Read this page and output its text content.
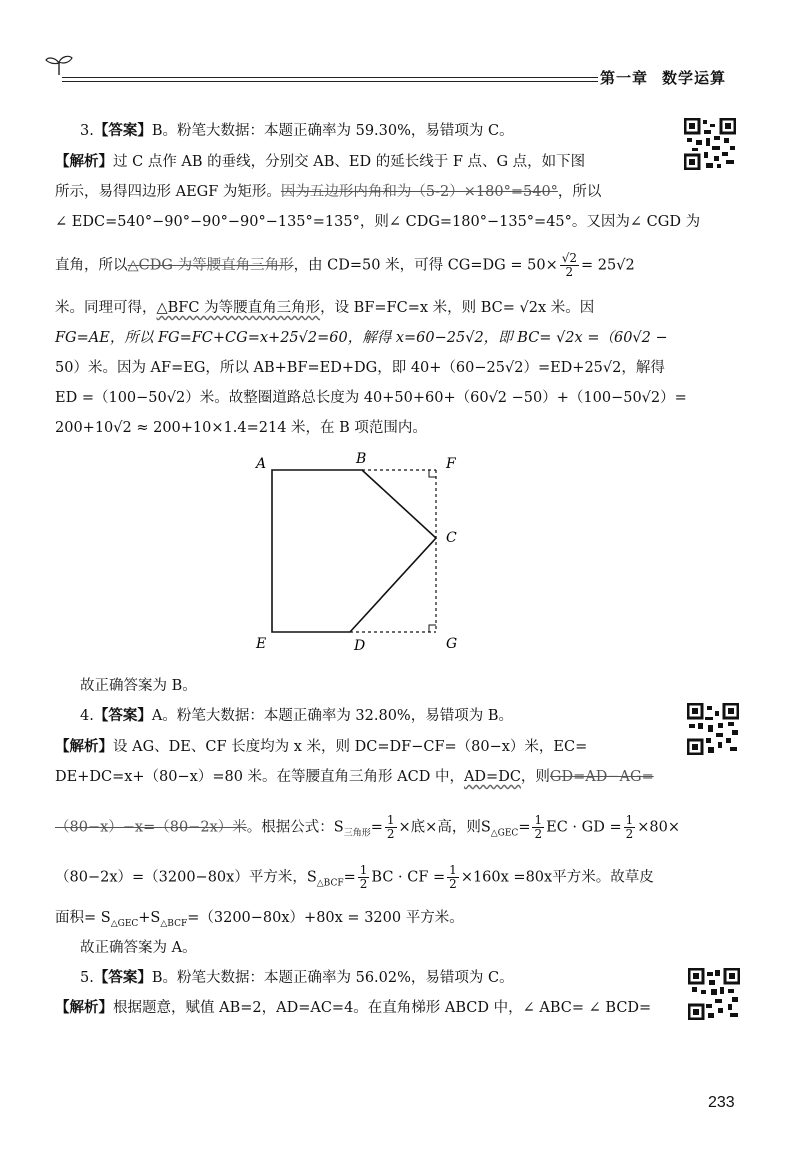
第一章 数学运算
3.【答案】B。粉笔大数据：本题正确率为 59.30%，易错项为 C。
【解析】过 C 点作 AB 的垂线，分别交 AB、ED 的延长线于 F 点、G 点，如下图
所示，易得四边形 AEGF 为矩形。因为五边形内角和为（5-2）×180°=540°，所以
∠ EDC=540°−90°−90°−90°−135°=135°，则∠ CDG=180°−135°=45°。又因为∠ CGD 为
直角，所以△CDG 为等腰直角三角形，由 CD=50 米，可得 $CG=DG = 50\times \frac{√2}{2} = 25√2$
米。同理可得，△BFC 为等腰直角三角形，设 BF=FC=x 米，则 BC= √2x 米。因
FG=AE，所以 FG=FC+CG=x+25√2=60，解得 x=60−25√2，即 BC= √2x =（60√2 −
50）米。因为 AF=EG，所以 AB+BF=ED+DG，即 40+（60−25√2）=ED+25√2，解得
ED =（100−50√2）米。故整圈道路总长度为 40+50+60+（60√2 −50）+（100−50√2）=
200+10√2 ≈ 200+10×1.4=214 米，在 B 项范围内。
A	B	F
C
E	D	G
故正确答案为 B。
4.【答案】A。粉笔大数据：本题正确率为 32.80%，易错项为 B。
【解析】设 AG、DE、CF 长度均为 x 米，则 DC=DF−CF=（80−x）米，EC=
DE+DC=x+（80−x）=80 米。在等腰直角三角形 ACD 中，AD=DC，则GD=AD−AG=
（80−x）−x=（80−2x）米。根据公式：$S_{三角形}= \frac{1}{2}$ ×底×高，则$S_{\triangle GEC}= \frac{1}{2}$ EC · GD = $\frac{1}{2} \times 80\times$
（80−2x）=（3200−80x）平方米，$S_{\triangle BCF}= \frac{1}{2}$ BC · CF = $\frac{1}{2} \times 160x =80x$平方米。故草皮
面积= $S_{\triangle GEC}+S_{\triangle BCF}=(3200-80x)+80x = 3200$ 平方米。
故正确答案为 A。
5.【答案】B。粉笔大数据：本题正确率为 56.02%，易错项为 C。
【解析】根据题意，赋值 AB=2，AD=AC=4。在直角梯形 ABCD 中，∠ ABC= ∠ BCD=
233
